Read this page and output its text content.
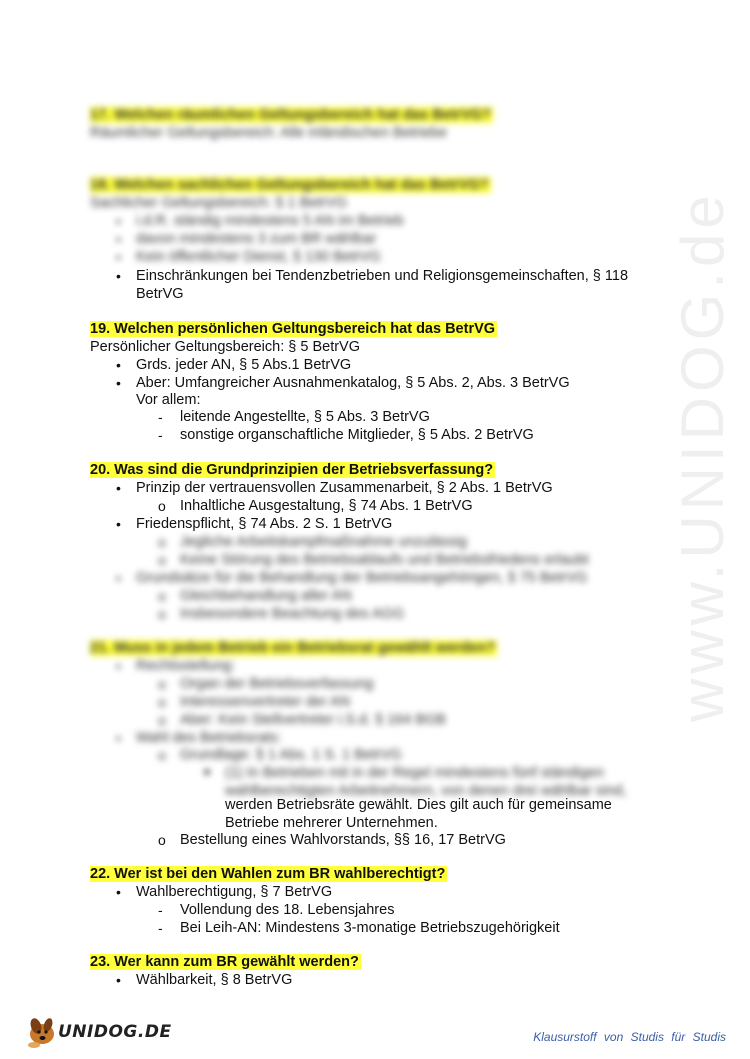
www.UNIDOG.de
17. Welchen räumlichen Geltungsbereich hat das BetrVG?
Räumlicher Geltungsbereich: Alle inländischen Betriebe
18. Welchen sachlichen Geltungsbereich hat das BetrVG?
Sachlicher Geltungsbereich: § 1 BetrVG
• i.d.R. ständig mindestens 5 AN im Betrieb
• davon mindestens 3 zum BR wählbar
• Kein öffentlicher Dienst, § 130 BetrVG
• Einschränkungen bei Tendenzbetrieben und Religionsgemeinschaften, § 118
BetrVG
19. Welchen persönlichen Geltungsbereich hat das BetrVG
Persönlicher Geltungsbereich: § 5 BetrVG
• Grds. jeder AN, § 5 Abs.1 BetrVG
• Aber: Umfangreicher Ausnahmenkatalog, § 5 Abs. 2, Abs. 3 BetrVG
Vor allem:
- leitende Angestellte, § 5 Abs. 3 BetrVG
- sonstige organschaftliche Mitglieder, § 5 Abs. 2 BetrVG
20. Was sind die Grundprinzipien der Betriebsverfassung?
• Prinzip der vertrauensvollen Zusammenarbeit, § 2 Abs. 1 BetrVG
o Inhaltliche Ausgestaltung, § 74 Abs. 1 BetrVG
• Friedenspflicht, § 74 Abs. 2 S. 1 BetrVG
o Jegliche Arbeitskampfmaßnahme unzulässig
o Keine Störung des Betriebsablaufs und Betriebsfriedens erlaubt
• Grundsätze für die Behandlung der Betriebsangehörigen, § 75 BetrVG
o Gleichbehandlung aller AN
o Insbesondere Beachtung des AGG
21. Muss in jedem Betrieb ein Betriebsrat gewählt werden?
• Rechtsstellung:
o Organ der Betriebsverfassung
o Interessenvertreter der AN
o Aber: Kein Stellvertreter i.S.d. § 164 BGB
• Wahl des Betriebsrats:
o Grundlage: § 1 Abs. 1 S. 1 BetrVG
■ (1) In Betrieben mit in der Regel mindestens fünf ständigen
wahlberechtigten Arbeitnehmern, von denen drei wählbar sind,
werden Betriebsräte gewählt. Dies gilt auch für gemeinsame
Betriebe mehrerer Unternehmen.
o Bestellung eines Wahlvorstands, §§ 16, 17 BetrVG
22. Wer ist bei den Wahlen zum BR wahlberechtigt?
• Wahlberechtigung, § 7 BetrVG
- Vollendung des 18. Lebensjahres
- Bei Leih-AN: Mindestens 3-monatige Betriebszugehörigkeit
23. Wer kann zum BR gewählt werden?
• Wählbarkeit, § 8 BetrVG
UNIDOG.DE	Klausurstoff von Studis für Studis
